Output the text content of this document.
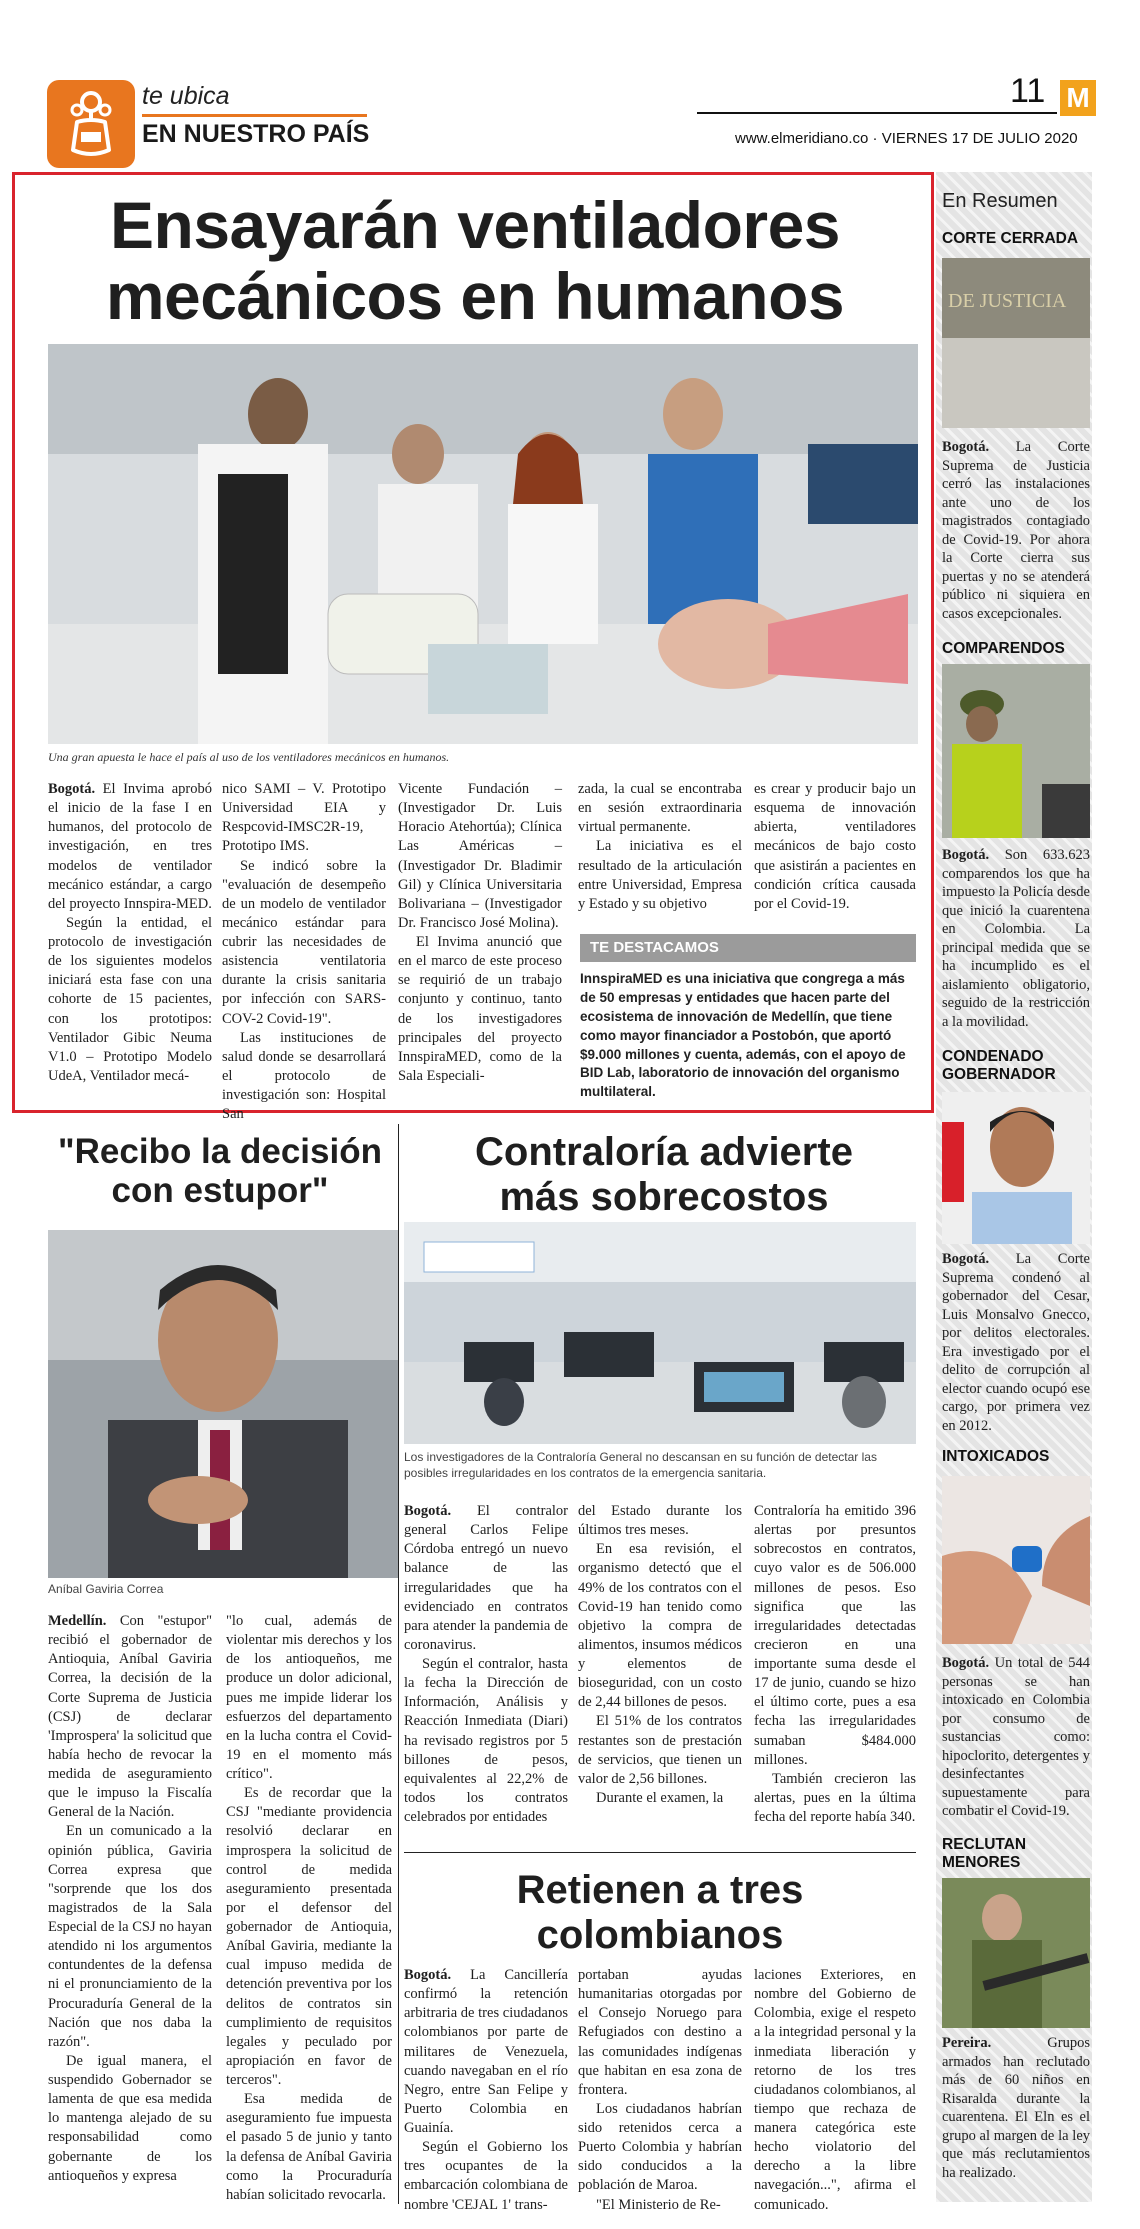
te ubica
EN NUESTRO PAÍS
11 M
www.elmeridiano.co · VIERNES 17 DE JULIO 2020
Ensayarán ventiladores
mecánicos en humanos
Una gran apuesta le hace el país al uso de los ventiladores mecánicos en humanos.

Bogotá. El Invima aprobó el inicio de la fase I en humanos, del protocolo de investigación, en tres modelos de ventilador mecánico estándar, a cargo del proyecto Innspira-MED.

Según la entidad, el protocolo de investigación de los siguientes modelos iniciará esta fase con una cohorte de 15 pacientes, con los prototipos: Ventilador Gibic Neuma V1.0 – Prototipo Modelo UdeA, Ventilador mecá-

nico SAMI – V. Prototipo Universidad EIA y Respcovid-IMSC2R-19, Prototipo IMS.

Se indicó sobre la "evaluación de desempeño de un modelo de ventilador mecánico estándar para cubrir las necesidades de asistencia ventilatoria durante la crisis sanitaria por infección con SARS-COV-2 Covid-19".

Las instituciones de salud donde se desarrollará el protocolo de investigación son: Hospital San

Vicente Fundación – (Investigador Dr. Luis Horacio Atehortúa); Clínica Las Américas – (Investigador Dr. Bladimir Gil) y Clínica Universitaria Bolivariana – (Investigador Dr. Francisco José Molina).

El Invima anunció que en el marco de este proceso se requirió de un trabajo conjunto y continuo, tanto de los investigadores principales del proyecto InnspiraMED, como de la Sala Especiali-

zada, la cual se encontraba en sesión extraordinaria virtual permanente.

La iniciativa es el resultado de la articulación entre Universidad, Empresa y Estado y su objetivo

es crear y producir bajo un esquema de innovación abierta, ventiladores mecánicos de bajo costo que asistirán a pacientes en condición crítica causada por el Covid-19.

TE DESTACAMOS
InnspiraMED es una iniciativa que congrega a más de 50 empresas y entidades que hacen parte del ecosistema de innovación de Medellín, que tiene como mayor financiador a Postobón, que aportó $9.000 millones y cuenta, además, con el apoyo de BID Lab, laboratorio de innovación del organismo multilateral.
En Resumen
CORTE CERRADA
DE JUSTICIA
Bogotá. La Corte Suprema de Justicia cerró las instalaciones ante uno de los magistrados contagiado de Covid-19. Por ahora la Corte cierra sus puertas y no se atenderá público ni siquiera en casos excepcionales.
COMPARENDOS
Bogotá. Son 633.623 comparendos los que ha impuesto la Policía desde que inició la cuarentena en Colombia. La principal medida que se ha incumplido es el aislamiento obligatorio, seguido de la restricción a la movilidad.
CONDENADO GOBERNADOR
Bogotá. La Corte Suprema condenó al gobernador del Cesar, Luis Monsalvo Gnecco, por delitos electorales. Era investigado por el delito de corrupción al elector cuando ocupó ese cargo, por primera vez en 2012.
INTOXICADOS
Bogotá. Un total de 544 personas se han intoxicado en Colombia por consumo de sustancias como: hipoclorito, detergentes y desinfectantes supuestamente para combatir el Covid-19.
RECLUTAN MENORES
Pereira. Grupos armados han reclutado más de 60 niños en Risaralda durante la cuarentena. El Eln es el grupo al margen de la ley que más reclutamientos ha realizado.
"Recibo la decisión con estupor"
Aníbal Gaviria Correa

Medellín. Con "estupor" recibió el gobernador de Antioquia, Aníbal Gaviria Correa, la decisión de la Corte Suprema de Justicia (CSJ) de declarar 'Improspera' la solicitud que había hecho de revocar la medida de aseguramiento que le impuso la Fiscalía General de la Nación.

En un comunicado a la opinión pública, Gaviria Correa expresa que "sorprende que los dos magistrados de la Sala Especial de la CSJ no hayan atendido ni los argumentos contundentes de la defensa ni el pronunciamiento de la Procuraduría General de la Nación que nos daba la razón".

De igual manera, el suspendido Gobernador se lamenta de que esa medida lo mantenga alejado de su responsabilidad como gobernante de los antioqueños y expresa

"lo cual, además de violentar mis derechos y los de los antioqueños, me produce un dolor adicional, pues me impide liderar los esfuerzos del departamento en la lucha contra el Covid-19 en el momento más crítico".

Es de recordar que la CSJ "mediante providencia resolvió declarar en improspera la solicitud de control de medida aseguramiento presentada por el defensor del gobernador de Antioquia, Aníbal Gaviria, mediante la cual impuso medida de detención preventiva por los delitos de contratos sin cumplimiento de requisitos legales y peculado por apropiación en favor de terceros".

Esa medida de aseguramiento fue impuesta el pasado 5 de junio y tanto la defensa de Aníbal Gaviria como la Procuraduría habían solicitado revocarla.

Contraloría advierte
más sobrecostos
Los investigadores de la Contraloría General no descansan en su función de detectar las posibles irregularidades en los contratos de la emergencia sanitaria.

Bogotá. El contralor general Carlos Felipe Córdoba entregó un nuevo balance de las irregularidades que ha evidenciado en contratos para atender la pandemia de coronavirus.

Según el contralor, hasta la fecha la Dirección de Información, Análisis y Reacción Inmediata (Diari) ha revisado registros por 5 billones de pesos, equivalentes al 22,2% de todos los contratos celebrados por entidades

del Estado durante los últimos tres meses.

En esa revisión, el organismo detectó que el 49% de los contratos con el Covid-19 han tenido como objetivo la compra de alimentos, insumos médicos y elementos de bioseguridad, con un costo de 2,44 billones de pesos.

El 51% de los contratos restantes son de prestación de servicios, que tienen un valor de 2,56 billones.

Durante el examen, la

Contraloría ha emitido 396 alertas por presuntos sobrecostos en contratos, cuyo valor es de 506.000 millones de pesos. Eso significa que las irregularidades detectadas crecieron en una importante suma desde el 17 de junio, cuando se hizo el último corte, pues a esa fecha las irregularidades sumaban $484.000 millones.

También crecieron las alertas, pues en la última fecha del reporte había 340.

Retienen a tres
colombianos

Bogotá. La Cancillería confirmó la retención arbitraria de tres ciudadanos colombianos por parte de militares de Venezuela, cuando navegaban en el río Negro, entre San Felipe y Puerto Colombia en Guainía.

Según el Gobierno los tres ocupantes de la embarcación colombiana de nombre 'CEJAL 1' trans-

portaban ayudas humanitarias otorgadas por el Consejo Noruego para Refugiados con destino a las comunidades indígenas que habitan en esa zona de frontera.

Los ciudadanos habrían sido retenidos cerca a Puerto Colombia y habrían sido conducidos a la población de Maroa.

"El Ministerio de Re-

laciones Exteriores, en nombre del Gobierno de Colombia, exige el respeto a la integridad personal y la inmediata liberación y retorno de los tres ciudadanos colombianos, al tiempo que rechaza de manera categórica este hecho violatorio del derecho a la libre navegación...", afirma el comunicado.
